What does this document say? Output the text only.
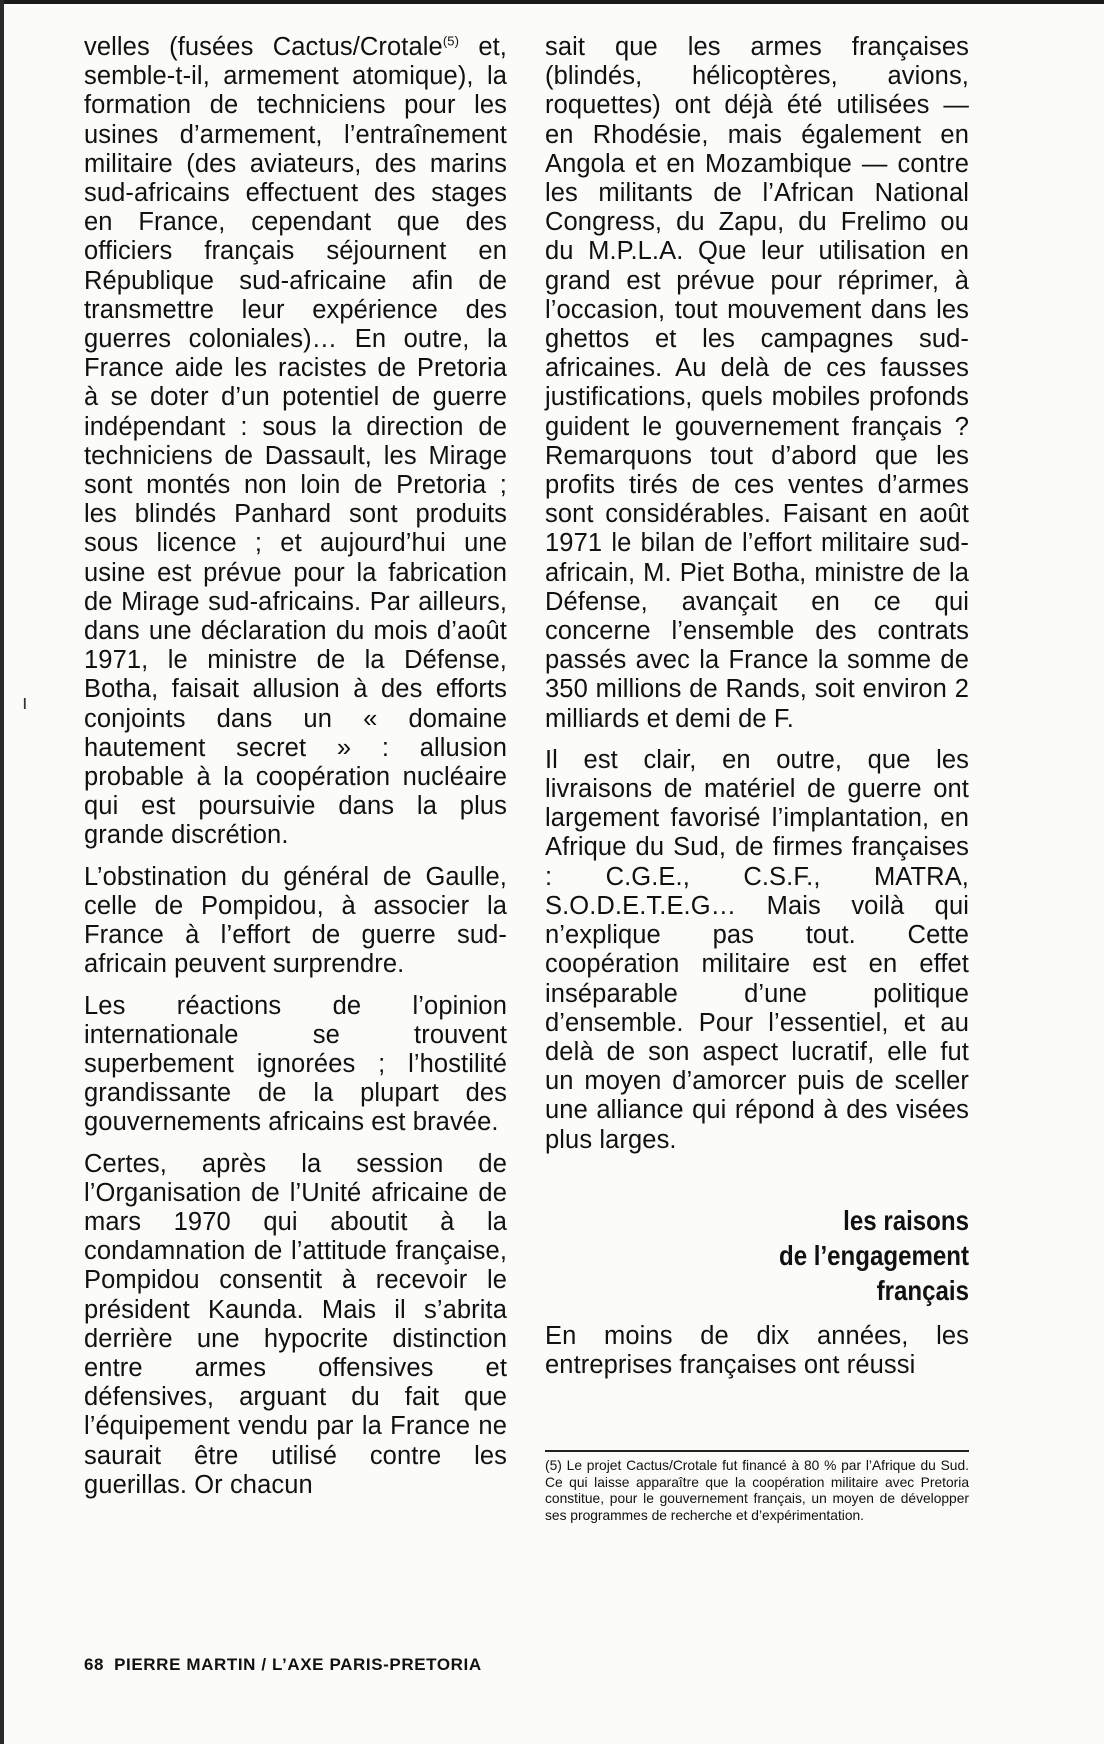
ı

velles (fusées Cactus/Crotale$^{(5)}$ et, semble-t-il, armement atomique), la formation de techniciens pour les usines d’armement, l’entraînement militaire (des aviateurs, des marins sud-africains effectuent des stages en France, cependant que des officiers français séjournent en République sud-africaine afin de transmettre leur expérience des guerres coloniales)… En outre, la France aide les racistes de Pretoria à se doter d’un potentiel de guerre indépendant : sous la direction de techniciens de Dassault, les Mirage sont montés non loin de Pretoria ; les blindés Panhard sont produits sous licence ; et aujourd’hui une usine est prévue pour la fabrication de Mirage sud-africains. Par ailleurs, dans une déclaration du mois d’août 1971, le ministre de la Défense, Botha, faisait allusion à des efforts conjoints dans un « domaine hautement secret » : allusion probable à la coopération nucléaire qui est poursuivie dans la plus grande discrétion.

L’obstination du général de Gaulle, celle de Pompidou, à associer la France à l’effort de guerre sud-africain peuvent surprendre.

Les réactions de l’opinion internationale se trouvent superbement ignorées ; l’hostilité grandissante de la plupart des gouvernements africains est bravée.

Certes, après la session de l’Organisation de l’Unité africaine de mars 1970 qui aboutit à la condamnation de l’attitude française, Pompidou consentit à recevoir le président Kaunda. Mais il s’abrita derrière une hypocrite distinction entre armes offensives et défensives, arguant du fait que l’équipement vendu par la France ne saurait être utilisé contre les guerillas. Or chacun

sait que les armes françaises (blindés, hélicoptères, avions, roquettes) ont déjà été utilisées — en Rhodésie, mais également en Angola et en Mozambique — contre les militants de l’African National Congress, du Zapu, du Frelimo ou du M.P.L.A. Que leur utilisation en grand est prévue pour réprimer, à l’occasion, tout mouvement dans les ghettos et les campagnes sud-africaines. Au delà de ces fausses justifications, quels mobiles profonds guident le gouvernement français ? Remarquons tout d’abord que les profits tirés de ces ventes d’armes sont considérables. Faisant en août 1971 le bilan de l’effort militaire sud-africain, M. Piet Botha, ministre de la Défense, avançait en ce qui concerne l’ensemble des contrats passés avec la France la somme de 350 millions de Rands, soit environ 2 milliards et demi de F.

Il est clair, en outre, que les livraisons de matériel de guerre ont largement favorisé l’implantation, en Afrique du Sud, de firmes françaises : C.G.E., C.S.F., MATRA, S.O.D.E.T.E.G… Mais voilà qui n’explique pas tout. Cette coopération militaire est en effet inséparable d’une politique d’ensemble. Pour l’essentiel, et au delà de son aspect lucratif, elle fut un moyen d’amorcer puis de sceller une alliance qui répond à des visées plus larges.

les raisons
de l’engagement
français

En moins de dix années, les entreprises françaises ont réussi

(5) Le projet Cactus/Crotale fut financé à 80 % par l’Afrique du Sud. Ce qui laisse apparaître que la coopération militaire avec Pretoria constitue, pour le gouvernement français, un moyen de développer ses programmes de recherche et d’expérimentation.
68 PIERRE MARTIN / L’AXE PARIS-PRETORIA
